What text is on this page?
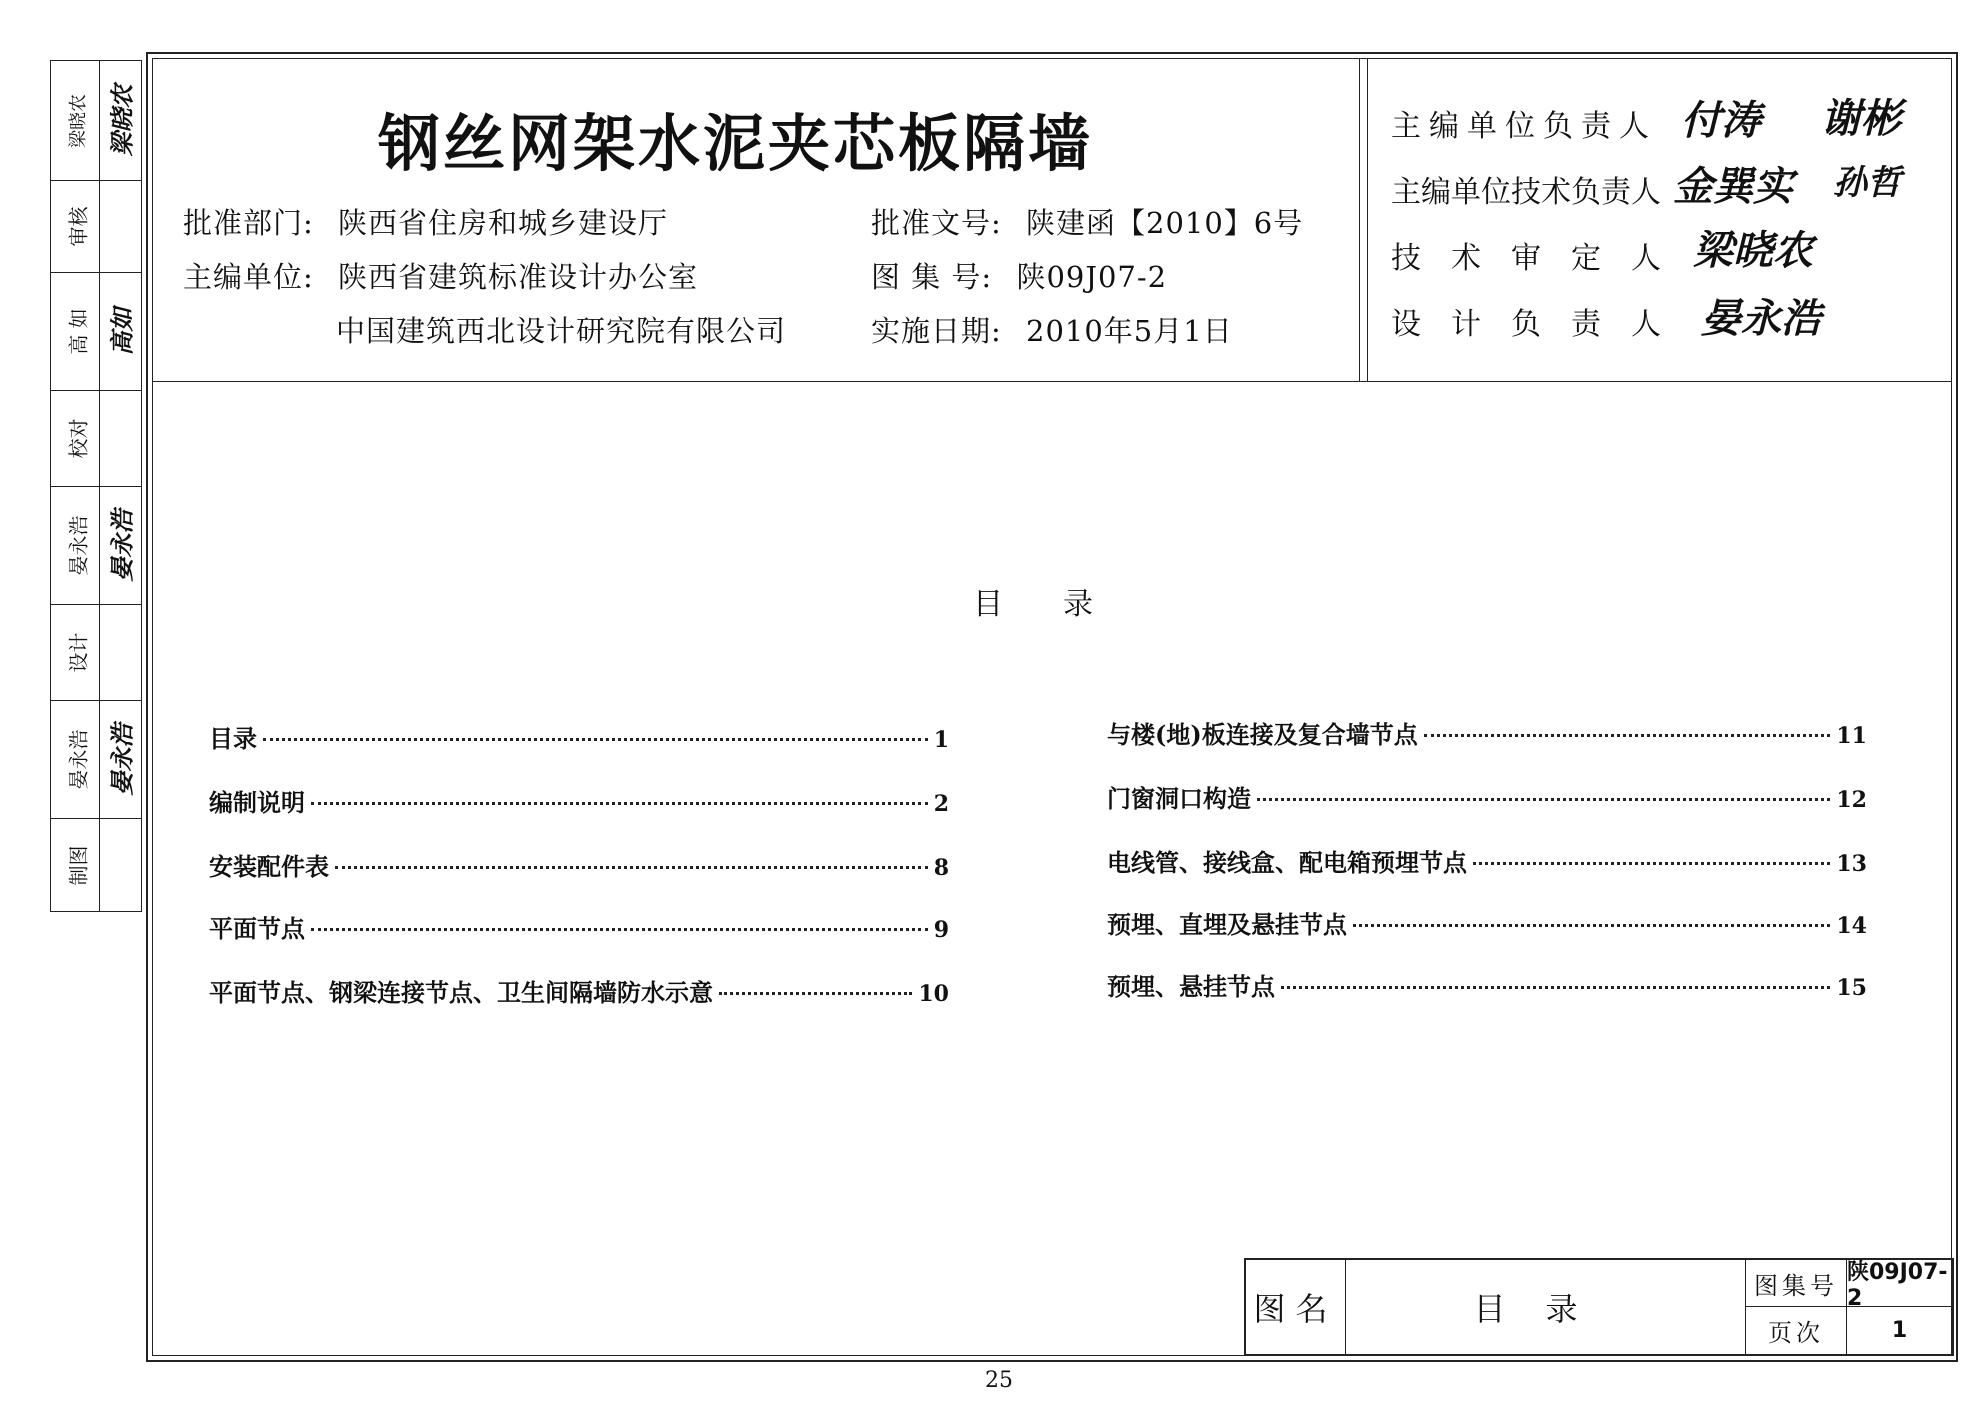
梁晓农 梁晓农
审核
高 如 高如
校对
晏永浩 晏永浩
设计
晏永浩 晏永浩
制图
钢丝网架水泥夹芯板隔墙
批准部门: 陕西省住房和城乡建设厅
主编单位: 陕西省建筑标准设计办公室
中国建筑西北设计研究院有限公司
批准文号: 陕建函【2010】6号
图 集 号: 陕09J07-2
实施日期: 2010年5月1日
主编单位负责人 付涛 谢彬
主编单位技术负责人 金巽实 孙哲
技术审定人 梁晓农
设计负责人 晏永浩
目录
目录	1
编制说明	2
安装配件表	8
平面节点	9
平面节点、钢梁连接节点、卫生间隔墙防水示意	10
与楼(地)板连接及复合墙节点	11
门窗洞口构造	12
电线管、接线盒、配电箱预埋节点	13
预埋、直埋及悬挂节点	14
预埋、悬挂节点	15
图名	目录
图集号 陕09J07-2
页次	1
25
